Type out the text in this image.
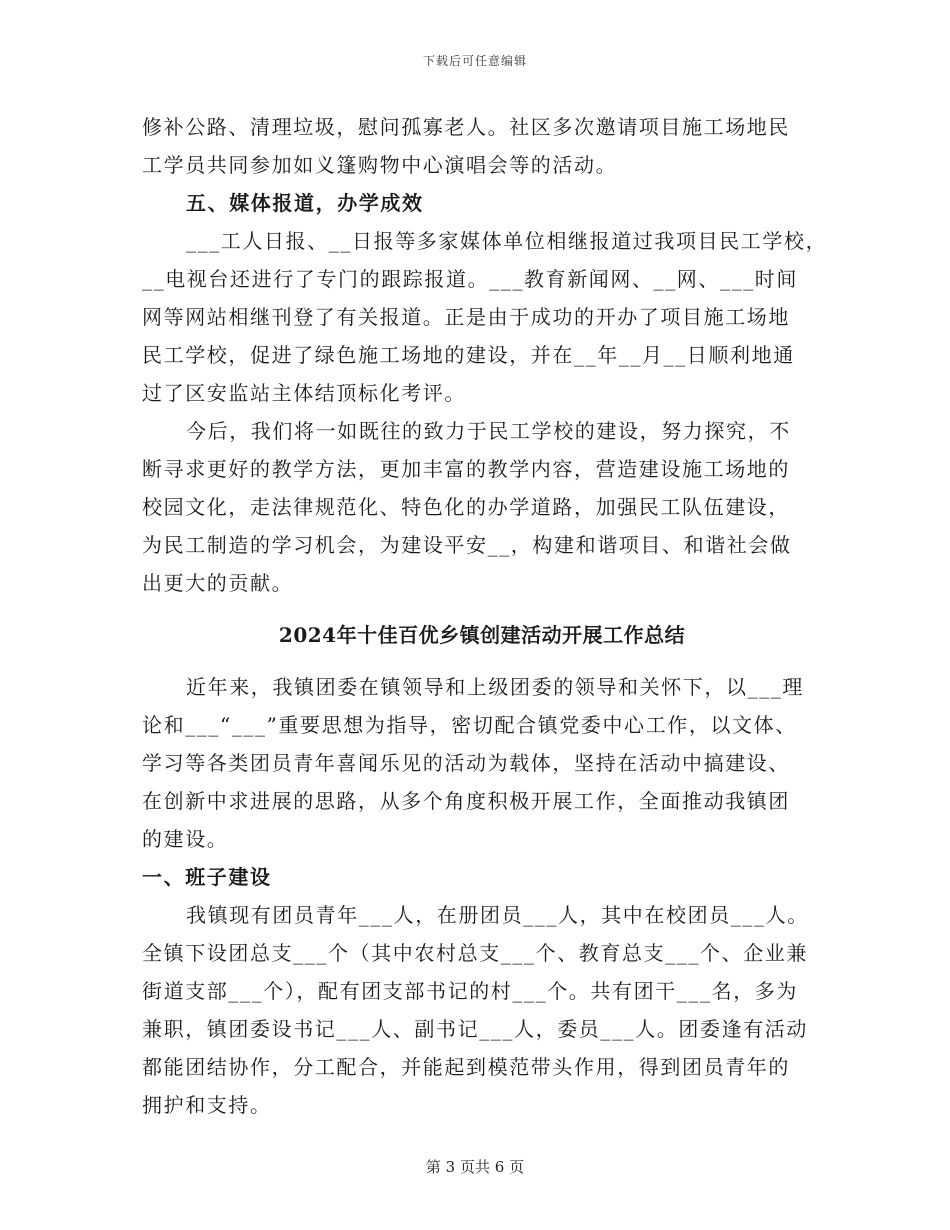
下载后可任意编辑
修补公路、清理垃圾，慰问孤寡老人。社区多次邀请项目施工场地民
工学员共同参加如义篷购物中心演唱会等的活动。
五、媒体报道，办学成效
___工人日报、__日报等多家媒体单位相继报道过我项目民工学校，
__电视台还进行了专门的跟踪报道。___教育新闻网、__网、___时间
网等网站相继刊登了有关报道。正是由于成功的开办了项目施工场地
民工学校，促进了绿色施工场地的建设，并在__年__月__日顺利地通
过了区安监站主体结顶标化考评。
今后，我们将一如既往的致力于民工学校的建设，努力探究，不
断寻求更好的教学方法，更加丰富的教学内容，营造建设施工场地的
校园文化，走法律规范化、特色化的办学道路，加强民工队伍建设，
为民工制造的学习机会，为建设平安__，构建和谐项目、和谐社会做
出更大的贡献。
2024年十佳百优乡镇创建活动开展工作总结
近年来，我镇团委在镇领导和上级团委的领导和关怀下，以___理
论和___“___”重要思想为指导，密切配合镇党委中心工作，以文体、
学习等各类团员青年喜闻乐见的活动为载体，坚持在活动中搞建设、
在创新中求进展的思路，从多个角度积极开展工作，全面推动我镇团
的建设。
一、班子建设
我镇现有团员青年___人，在册团员___人，其中在校团员___人。
全镇下设团总支___个（其中农村总支___个、教育总支___个、企业兼
街道支部___个），配有团支部书记的村___个。共有团干___名，多为
兼职，镇团委设书记___人、副书记___人，委员___人。团委逢有活动
都能团结协作，分工配合，并能起到模范带头作用，得到团员青年的
拥护和支持。
第 3 页共 6 页
